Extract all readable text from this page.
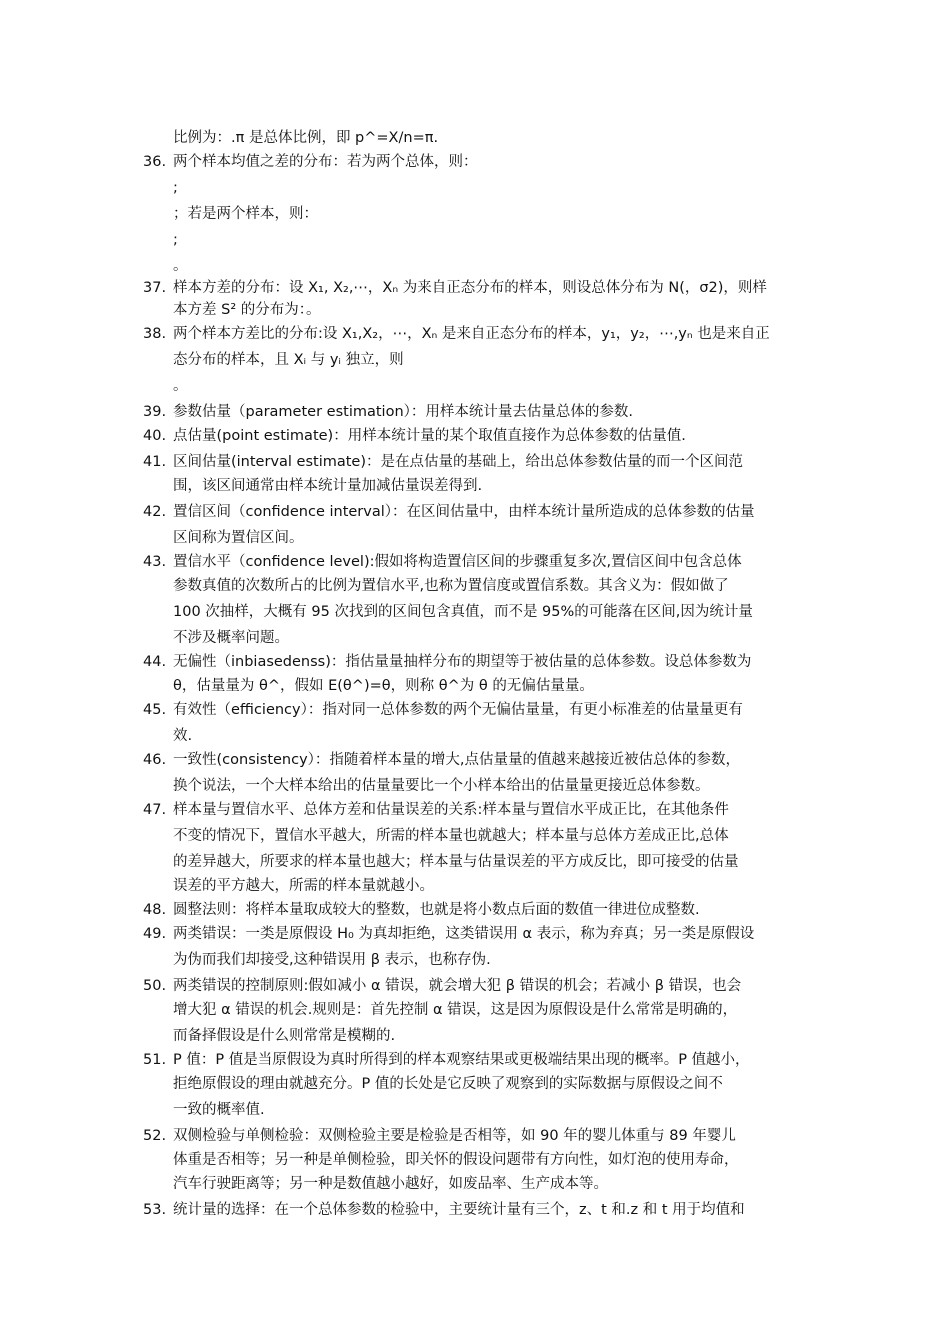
比例为：.π 是总体比例，即 p^=X/n=π.
36. 两个样本均值之差的分布：若为两个总体，则：
;
；若是两个样本，则：
;
。
37. 样本方差的分布：设 X₁, X₂,⋯，Xₙ 为来自正态分布的样本，则设总体分布为 N(，σ2)，则样
本方差 S² 的分布为：。
38. 两个样本方差比的分布:设 X₁,X₂，⋯，Xₙ 是来自正态分布的样本，y₁，y₂，⋯,yₙ 也是来自正
态分布的样本，且 Xᵢ 与 yᵢ 独立，则
。
39. 参数估量（parameter estimation）：用样本统计量去估量总体的参数.
40. 点估量(point estimate)：用样本统计量的某个取值直接作为总体参数的估量值.
41. 区间估量(interval estimate)：是在点估量的基础上，给出总体参数估量的而一个区间范
围，该区间通常由样本统计量加减估量误差得到.
42. 置信区间（confidence interval）：在区间估量中，由样本统计量所造成的总体参数的估量
区间称为置信区间。
43. 置信水平（confidence level):假如将构造置信区间的步骤重复多次,置信区间中包含总体
参数真值的次数所占的比例为置信水平,也称为置信度或置信系数。其含义为：假如做了
100 次抽样，大概有 95 次找到的区间包含真值，而不是 95%的可能落在区间,因为统计量
不涉及概率问题。
44. 无偏性（inbiasedenss)：指估量量抽样分布的期望等于被估量的总体参数。设总体参数为
θ，估量量为 θ^，假如 E(θ^)=θ，则称 θ^为 θ 的无偏估量量。
45. 有效性（efficiency）：指对同一总体参数的两个无偏估量量，有更小标准差的估量量更有
效.
46. 一致性(consistency）：指随着样本量的增大,点估量量的值越来越接近被估总体的参数，
换个说法，一个大样本给出的估量量要比一个小样本给出的估量量更接近总体参数。
47. 样本量与置信水平、总体方差和估量误差的关系:样本量与置信水平成正比，在其他条件
不变的情况下，置信水平越大，所需的样本量也就越大；样本量与总体方差成正比,总体
的差异越大，所要求的样本量也越大；样本量与估量误差的平方成反比，即可接受的估量
误差的平方越大，所需的样本量就越小。
48. 圆整法则：将样本量取成较大的整数，也就是将小数点后面的数值一律进位成整数.
49. 两类错误：一类是原假设 H₀ 为真却拒绝，这类错误用 α 表示，称为弃真；另一类是原假设
为伪而我们却接受,这种错误用 β 表示，也称存伪.
50. 两类错误的控制原则:假如减小 α 错误，就会增大犯 β 错误的机会；若减小 β 错误，也会
增大犯 α 错误的机会.规则是：首先控制 α 错误，这是因为原假设是什么常常是明确的，
而备择假设是什么则常常是模糊的.
51. P 值：P 值是当原假设为真时所得到的样本观察结果或更极端结果出现的概率。P 值越小，
拒绝原假设的理由就越充分。P 值的长处是它反映了观察到的实际数据与原假设之间不
一致的概率值.
52. 双侧检验与单侧检验：双侧检验主要是检验是否相等，如 90 年的婴儿体重与 89 年婴儿
体重是否相等；另一种是单侧检验，即关怀的假设问题带有方向性，如灯泡的使用寿命，
汽车行驶距离等；另一种是数值越小越好，如废品率、生产成本等。
53. 统计量的选择：在一个总体参数的检验中，主要统计量有三个，z、t 和.z 和 t 用于均值和
